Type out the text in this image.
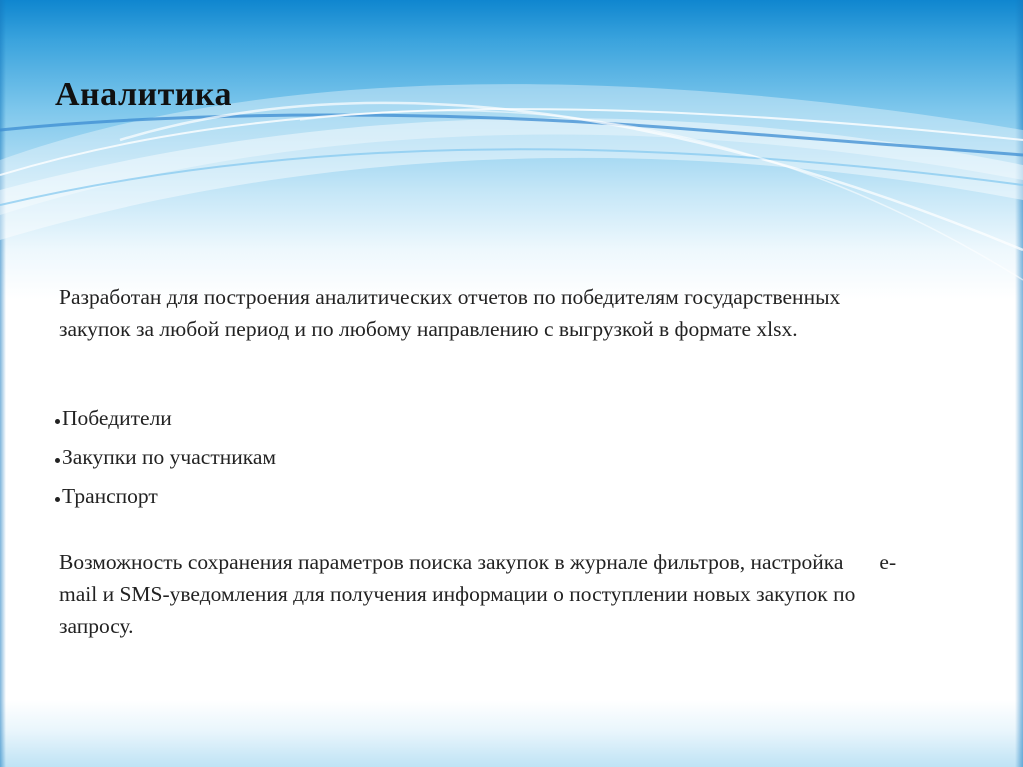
Аналитика

Разработан для построения аналитических отчетов по победителям государственных закупок за любой период и по любому направлению с выгрузкой в формате xlsx.

Победители
Закупки по участникам
Транспорт

Возможность сохранения параметров поиска закупок в журнале фильтров, настройка e-mail и SMS-уведомления для получения информации о поступлении новых закупок по запросу.
